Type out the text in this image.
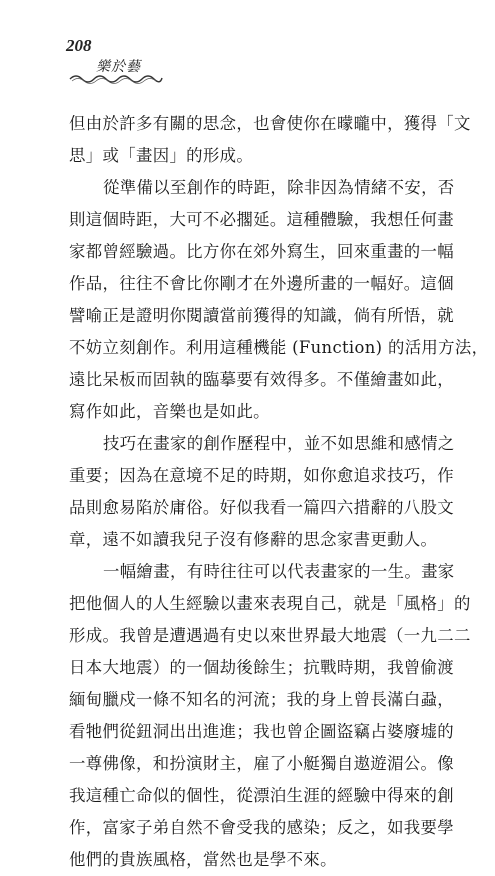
208
樂於藝
但由於許多有關的思念，也會使你在曚曨中，獲得「文
思」或「畫因」的形成。
從準備以至創作的時距，除非因為情緒不安，否
則這個時距，大可不必擱延。這種體驗，我想任何畫
家都曾經驗過。比方你在郊外寫生，回來重畫的一幅
作品，往往不會比你剛才在外邊所畫的一幅好。這個
譬喻正是證明你閱讀當前獲得的知識，倘有所悟，就
不妨立刻創作。利用這種機能 (Function) 的活用方法，
遠比呆板而固執的臨摹要有效得多。不僅繪畫如此，
寫作如此，音樂也是如此。
技巧在畫家的創作歷程中，並不如思維和感情之
重要；因為在意境不足的時期，如你愈追求技巧，作
品則愈易陷於庸俗。好似我看一篇四六措辭的八股文
章，遠不如讀我兒子沒有修辭的思念家書更動人。
一幅繪畫，有時往往可以代表畫家的一生。畫家
把他個人的人生經驗以畫來表現自己，就是「風格」的
形成。我曾是遭遇過有史以來世界最大地震（一九二二
日本大地震）的一個劫後餘生；抗戰時期，我曾偷渡
緬甸臘戍一條不知名的河流；我的身上曾長滿白蝨，
看牠們從鈕洞出出進進；我也曾企圖盜竊占婆廢墟的
一尊佛像，和扮演財主，雇了小艇獨自遨遊湄公。像
我這種亡命似的個性，從漂泊生涯的經驗中得來的創
作，富家子弟自然不會受我的感染；反之，如我要學
他們的貴族風格，當然也是學不來。
